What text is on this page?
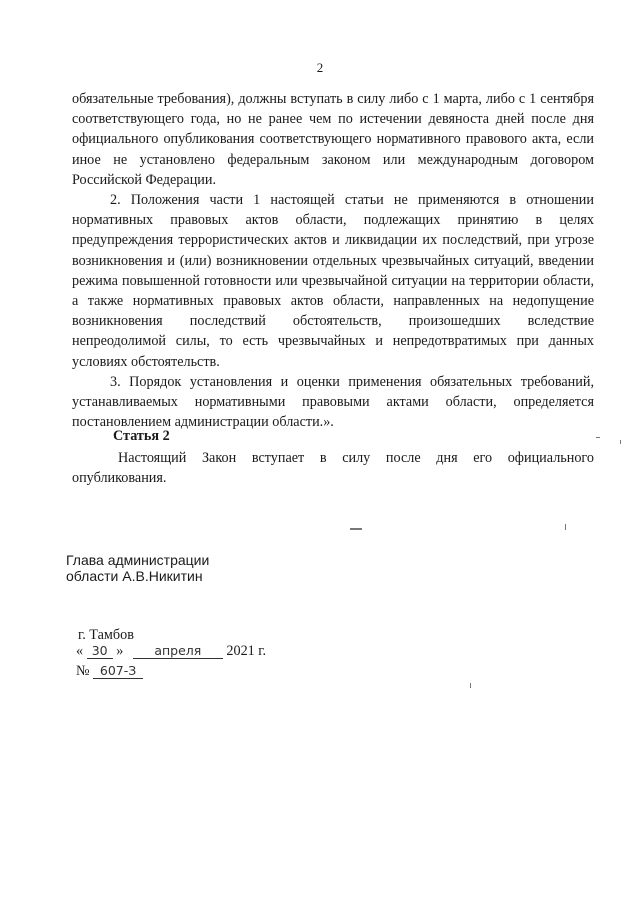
2

обязательные требования), должны вступать в силу либо с 1 марта, либо с 1 сентября соответствующего года, но не ранее чем по истечении девяноста дней после дня официального опубликования соответствующего нормативного правового акта, если иное не установлено федеральным законом или международным договором Российской Федерации.

2. Положения части 1 настоящей статьи не применяются в отношении нормативных правовых актов области, подлежащих принятию в целях предупреждения террористических актов и ликвидации их последствий, при угрозе возникновения и (или) возникновении отдельных чрезвычайных ситуаций, введении режима повышенной готовности или чрезвычайной ситуации на территории области, а также нормативных правовых актов области, направленных на недопущение возникновения последствий обстоятельств, произошедших вследствие непреодолимой силы, то есть чрезвычайных и непредотвратимых при данных условиях обстоятельств.

3. Порядок установления и оценки применения обязательных требований, устанавливаемых нормативными правовыми актами области, определяется постановлением администрации области.».

Статья 2

Настоящий Закон вступает в силу после дня его официального опубликования.

Глава администрации
области А.В.Никитин
г. Тамбов
« 30 » апреля 2021 г.
№ 607-З
